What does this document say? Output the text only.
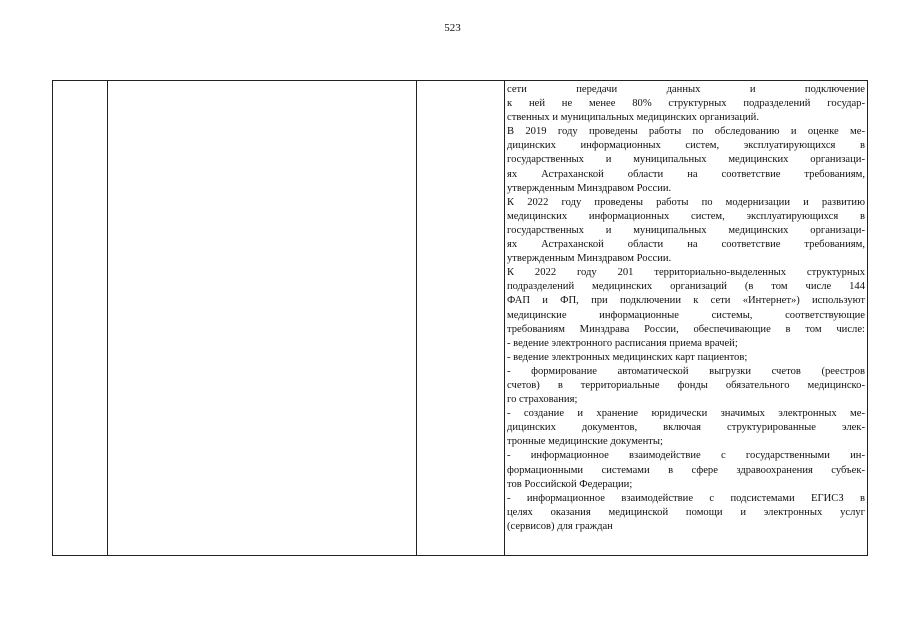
523
сети передачи данных и подключение
к ней не менее 80% структурных подразделений государ-
ственных и муниципальных медицинских организаций.
В 2019 году проведены работы по обследованию и оценке ме-
дицинских информационных систем, эксплуатирующихся в
государственных и муниципальных медицинских организаци-
ях Астраханской области на соответствие требованиям,
утвержденным Минздравом России.
К 2022 году проведены работы по модернизации и развитию
медицинских информационных систем, эксплуатирующихся в
государственных и муниципальных медицинских организаци-
ях Астраханской области на соответствие требованиям,
утвержденным Минздравом России.
К 2022 году 201 территориально-выделенных структурных
подразделений медицинских организаций (в том числе 144
ФАП и ФП, при подключении к сети «Интернет») используют
медицинские информационные системы, соответствующие
требованиям Минздрава России, обеспечивающие в том числе:
- ведение электронного расписания приема врачей;
- ведение электронных медицинских карт пациентов;
- формирование автоматической выгрузки счетов (реестров
счетов) в территориальные фонды обязательного медицинско-
го страхования;
- создание и хранение юридически значимых электронных ме-
дицинских документов, включая структурированные элек-
тронные медицинские документы;
- информационное взаимодействие с государственными ин-
формационными системами в сфере здравоохранения субъек-
тов Российской Федерации;
- информационное взаимодействие с подсистемами ЕГИСЗ в
целях оказания медицинской помощи и электронных услуг
(сервисов) для граждан
